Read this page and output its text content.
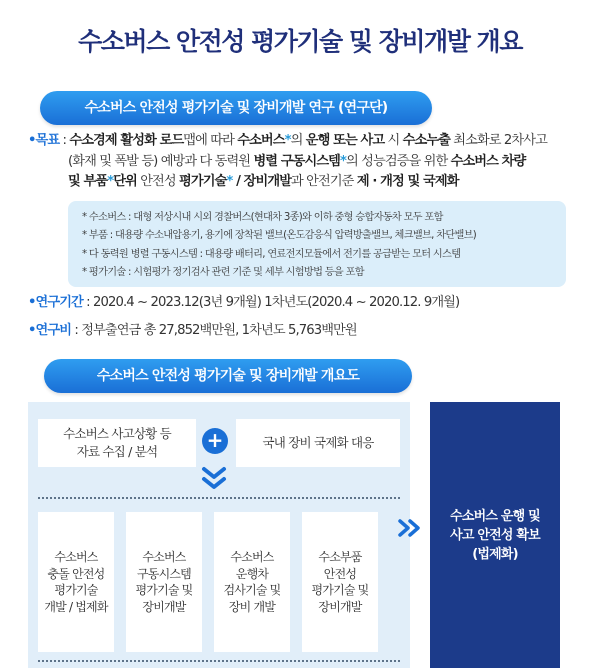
수소버스 안전성 평가기술 및 장비개발 개요
수소버스 안전성 평가기술 및 장비개발 연구 (연구단)
•목표 : 수소경제 활성화 로드맵에 따라 수소버스*의 운행 또는 사고 시 수소누출 최소화로 2차사고
(화재 및 폭발 등) 예방과 다 동력원 병렬 구동시스템*의 성능검증을 위한 수소버스 차량
및 부품*단위 안전성 평가기술* / 장비개발과 안전기준 제 · 개정 및 국제화
* 수소버스 : 대형 저상시내 시외 경찰버스(현대차 3종)와 이하 중형 승합자동차 모두 포함
* 부품 : 대용량 수소내압용기, 용기에 장착된 밸브(온도감응식 압력방출밸브, 체크밸브, 차단밸브)
* 다 동력원 병렬 구동시스템 : 대용량 배터리, 연료전지모듈에서 전기를 공급받는 모터 시스템
* 평가기술 : 시험평가 정기검사 관련 기준 및 세부 시험방법 등을 포함
•연구기간 : 2020.4 ~ 2023.12(3년 9개월) 1차년도(2020.4 ~ 2020.12. 9개월)
•연구비 : 정부출연금 총 27,852백만원, 1차년도 5,763백만원
수소버스 안전성 평가기술 및 장비개발 개요도
수소버스 사고상황 등
자료 수집 / 분석	+	국내 장비 국제화 대응
수소버스
충돌 안전성
평가기술
개발 / 법제화
수소버스
구동시스템
평가기술 및
장비개발
수소버스
운행차
검사기술 및
장비 개발
수소부품
안전성
평가기술 및
장비개발
수소버스 운행 및
사고 안전성 확보
(법제화)
